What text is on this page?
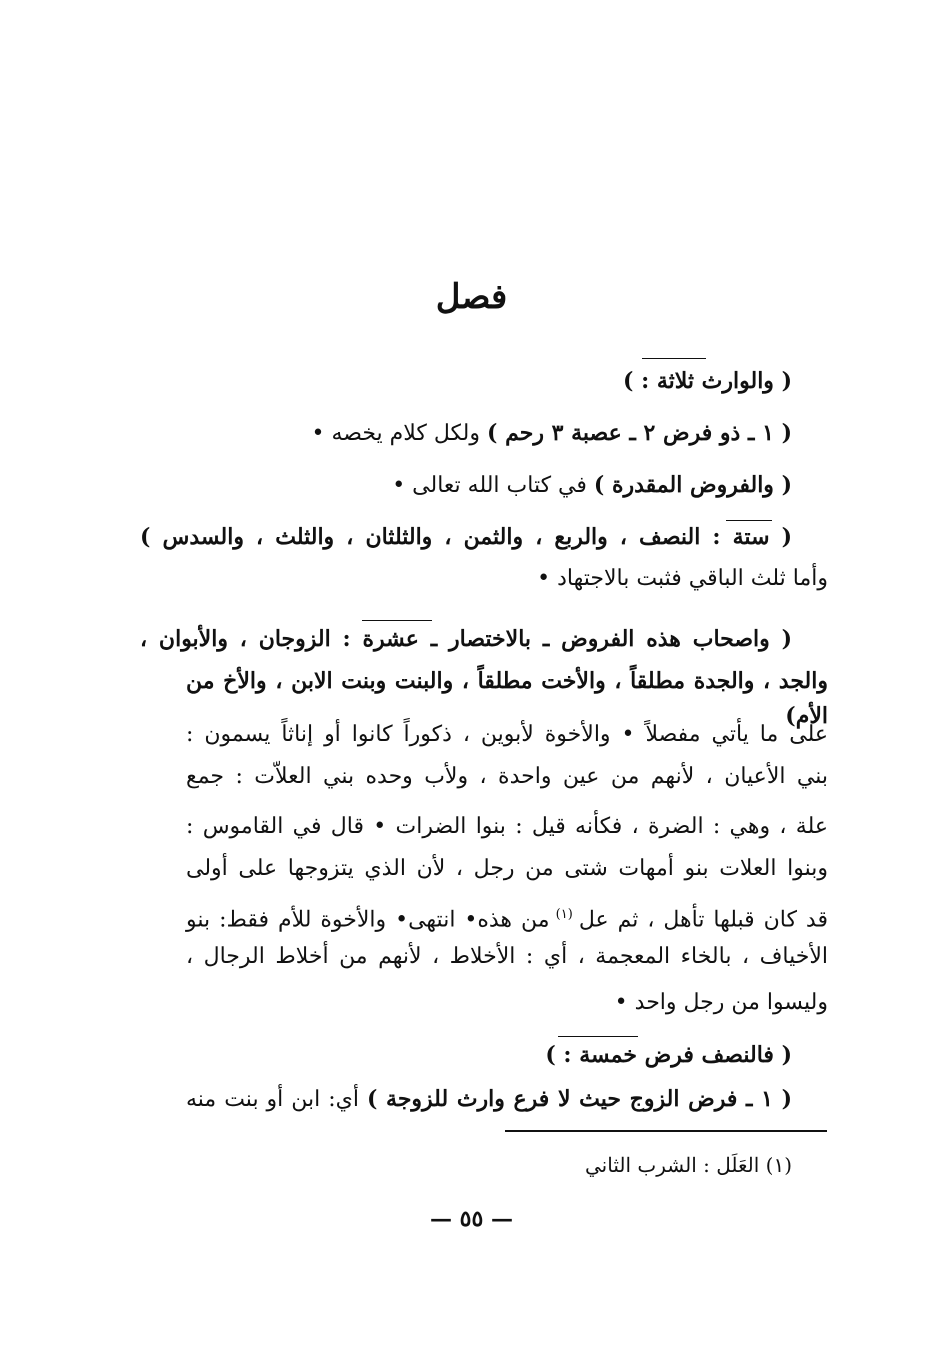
فصل
( والوارث ثلاثة : )
( ١ ـ ذو فرض ٢ ـ عصبة ٣ رحم ) ولكل كلام يخصه •
( والفروض المقدرة ) في كتاب الله تعالى •
( ستة : النصف ، والربع ، والثمن ، والثلثان ، والثلث ، والسدس )
وأما ثلث الباقي فثبت بالاجتهاد •
( واصحاب هذه الفروض ـ بالاختصار ـ عشرة : الزوجان ، والأبوان ،
والجد ، والجدة مطلقاً ، والأخت مطلقاً ، والبنت وبنت الابن ، والأخ من الأم)
على ما يأتي مفصلاً • والأخوة لأبوين ، ذكوراً كانوا أو إناثاً يسمون :
بني الأعيان ، لأنهم من عين واحدة ، ولأب وحده بني العلاّت : جمع
علة ، وهي : الضرة ، فكأنه قيل : بنوا الضرات • قال في القاموس :
وبنوا العلات بنو أمهات شتى من رجل ، لأن الذي يتزوجها على أولى
قد كان قبلها تأهل ، ثم عل $^{(١)}$ من هذه• انتهى• والأخوة للأم فقط: بنو
الأخياف ، بالخاء المعجمة ، أي : الأخلاط ، لأنهم من أخلاط الرجال ،
وليسوا من رجل واحد •
( فالنصف فرض خمسة : )
( ١ ـ فرض الزوج حيث لا فرع وارث للزوجة ) أي: ابن أو بنت منه
(١) العَلَل : الشرب الثاني
— ٥٥ —
